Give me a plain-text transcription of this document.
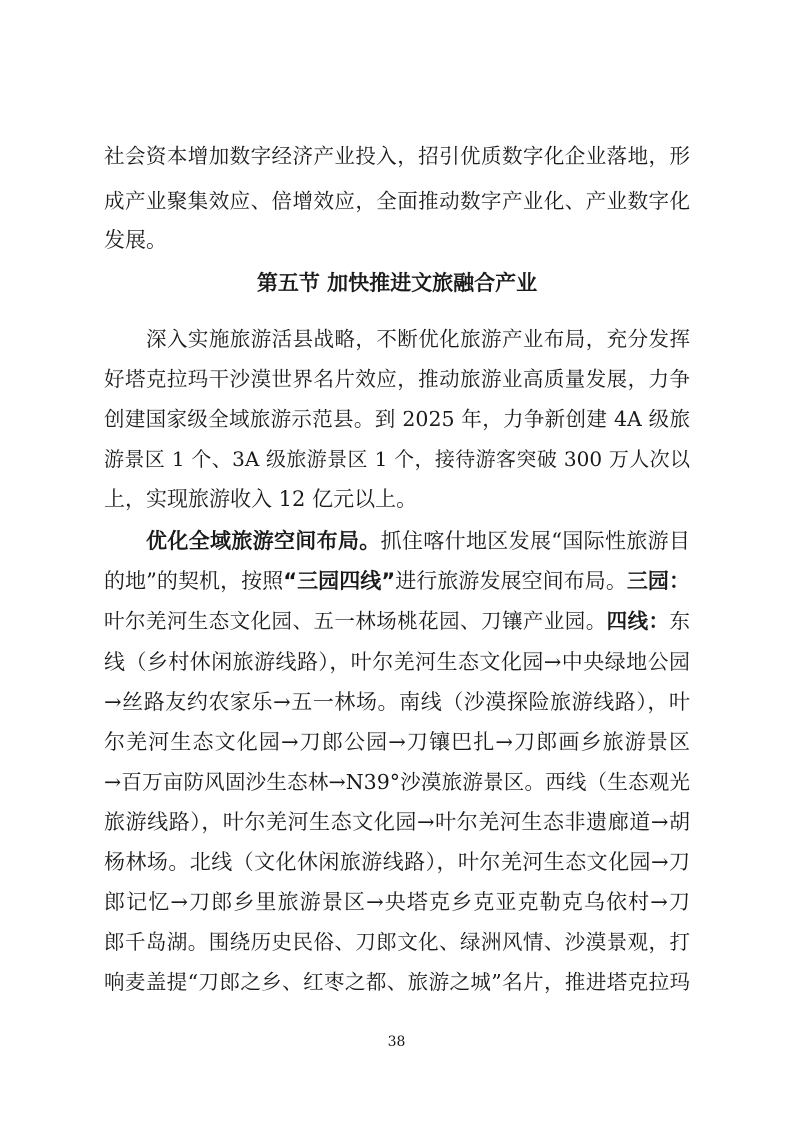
社会资本增加数字经济产业投入，招引优质数字化企业落地，形
成产业聚集效应、倍增效应，全面推动数字产业化、产业数字化
发展。
第五节 加快推进文旅融合产业
深入实施旅游活县战略，不断优化旅游产业布局，充分发挥
好塔克拉玛干沙漠世界名片效应，推动旅游业高质量发展，力争
创建国家级全域旅游示范县。到 2025 年，力争新创建 4A 级旅
游景区 1 个、3A 级旅游景区 1 个，接待游客突破 300 万人次以
上，实现旅游收入 12 亿元以上。
优化全域旅游空间布局。抓住喀什地区发展“国际性旅游目
的地”的契机，按照“三园四线”进行旅游发展空间布局。三园：
叶尔羌河生态文化园、五一林场桃花园、刀镶产业园。四线：东
线（乡村休闲旅游线路），叶尔羌河生态文化园→中央绿地公园
→丝路友约农家乐→五一林场。南线（沙漠探险旅游线路），叶
尔羌河生态文化园→刀郎公园→刀镶巴扎→刀郎画乡旅游景区
→百万亩防风固沙生态林→N39°沙漠旅游景区。西线（生态观光
旅游线路），叶尔羌河生态文化园→叶尔羌河生态非遗廊道→胡
杨林场。北线（文化休闲旅游线路），叶尔羌河生态文化园→刀
郎记忆→刀郎乡里旅游景区→央塔克乡克亚克勒克乌依村→刀
郎千岛湖。围绕历史民俗、刀郎文化、绿洲风情、沙漠景观，打
响麦盖提“刀郎之乡、红枣之都、旅游之城”名片，推进塔克拉玛
38
